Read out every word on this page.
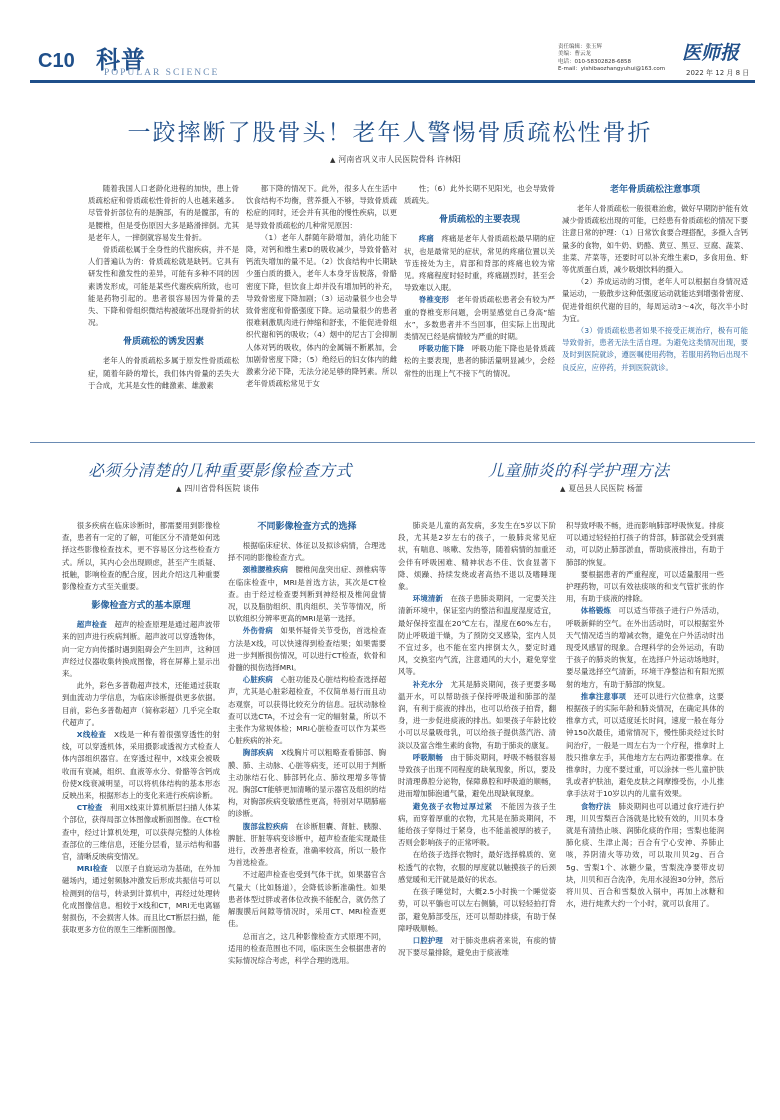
C10 科普
POPULAR SCIENCE
责任编辑：张玉辉
美编：曹云龙
电话：010-58302828-6858
E-mail：yishibaozhangyuhui@163.com
医师报
2022 年 12 月 8 日
一跤摔断了股骨头！老年人警惕骨质疏松性骨折
▲ 河南省巩义市人民医院骨科 许林阳

随着我国人口老龄化进程的加快，患上骨质疏松症和骨质疏松性骨折的人也越来越多。尽管骨折部位有的是腕部，有的是髋部，有的是腰椎，但是受伤原因大多是路滑摔倒。尤其是老年人，一摔倒就容易发生骨折。

骨质疏松属于全身性的代谢疾病，并不是人们普遍认为的：骨质疏松就是缺钙。它具有研发性和激发性的差异，可能有多种不同的因素诱发形成，可能是某些代谢疾病所致，也可能是药物引起的。患者很容易因为骨量的丢失、下降和骨组织微结构被破坏出现骨折的状况。

骨质疏松的诱发因素

老年人的骨质疏松多属于原发性骨质疏松症，随着年龄的增长，我们体内骨量的丢失大于合成，尤其是女性的雌激素、雄激素

都下降的情况下。此外，很多人在生活中饮食结构不均衡，营养摄入不够，导致骨质疏松症的同时，还会并有其他的慢性疾病，以更是导致骨质疏松的几种常见原因：

（1）老年人群随年龄增加，消化功能下降，对钙和维生素D的吸收减少，导致骨骼对钙流失增加的量不足。（2）饮食结构中长期缺少蛋白质的摄入，老年人本身牙齿脱落，骨骼密度下降，但饮食上却并没有增加钙的补充，导致骨密度下降加剧；（3）运动量很少也会导致骨密度和骨骼强度下降。运动量很少的患者很难刺激肌肉进行伸缩和舒张，不能促进骨组织代谢和钙的吸收；（4）烟中的尼古丁会抑制人体对钙的吸收，体内的金属镉不断累加，会加剧骨密度下降；（5）绝经后的妇女体内的雌激素分泌下降，无法分泌足够的降钙素。所以老年骨质疏松常见于女

性；（6）此外长期不见阳光，也会导致骨质疏失。

骨质疏松的主要表现

疼痛　 疼痛是老年人骨质疏松最早期的症状，也是最常见的症状，常见的疼痛位置以关节连接处为主，肩部和背部的疼痛也较为常见。疼痛程度时轻时重，疼痛剧烈时，甚至会导致难以入眠。

脊椎变形　 老年骨质疏松患者会有较为严重的脊椎变形问题，会明显感觉自己身高“缩水”，多数患者并不当回事，但实际上出现此类情况已经是病情较为严重的时期。

呼吸功能下降　 呼吸功能下降也是骨质疏松的主要表现，患者的肺活量明显减少，会经常性的出现上气不接下气的情况。

老年骨质疏松注意事项

老年人骨质疏松一般很难治愈，做好早期防护能有效减少骨质疏松出现的可能，已经患有骨质疏松的情况下要注意日常的护理：（1）日常饮食要合理搭配，多摄入含钙量多的食物，如牛奶、奶酪、黄豆、黑豆、豆腐、蔬菜、韭菜、芹菜等，还要时可以补充维生素D，多食用鱼、虾等优质蛋白质，减少吸烟饮料的摄入。

（2）养成运动的习惯，老年人可以根据自身情况适量运动，一般散步这种低强度运动就能达到增强骨密度、促进骨组织代谢的目的，每周运动3～4次，每次半小时为宜。

（3）骨质疏松患者如果不接受正规治疗，极有可能导致骨折，患者无法生活自理。为避免这类情况出现，要及时到医院就诊，遵医嘱使用药物，若服用药物后出现不良反应，应停药，并到医院就诊。

必须分清楚的几种重要影像检查方式
▲ 四川省骨科医院 谈伟
儿童肺炎的科学护理方法
▲ 夏邑县人民医院 杨蕾

很多疾病在临床诊断时，都需要用到影像检查，患者有一定的了解，可能区分不清楚如何选择这些影像检查技术，更不容易区分这些检查方式。所以，其内心会出现顾虑，甚至产生质疑、抵触，影响检查的配合度，因此介绍这几种重要影像检查方式至关重要。

影像检查方式的基本原理

超声检查　 超声的检查原理是通过超声波带来的回声进行疾病判断。超声波可以穿透物体，向一定方向传播时遇到阻碍会产生回声，这种回声经过仪器收集转换成图像，将在屏幕上显示出来。

此外，彩色多普勒超声技术，还能通过获取到血流动力学信息，为临床诊断提供更多依据。目前，彩色多普勒超声（简称彩超）几乎完全取代超声了。

X线检查　 X线是一种有着很强穿透性的射线，可以穿透机体，采用摄影或透视方式检查人体内部组织器官。在穿透过程中，X线束会被吸收而有衰减，组织、血液等水分、骨骼等含钙成份使X线衰减明显，可以将机体结构的基本形态反映出来，根据形态上的变化来进行疾病诊断。

CT检查　 利用X线束计算机断层扫描人体某个部位，获得局部立体图像或断面图像。在CT检查中，经过计算机处理，可以获得完整的人体检查部位的三维信息，还能分层看，显示结构和器官，清晰反映病变情况。

MRI检查　 以原子自旋运动为基础，在外加磁场内，通过射频脉冲激发后形成共振信号可以检测到的信号，转录到计算机中，再经过处理转化成图像信息。相较于X线和CT，MRI无电离辐射损伤，不会损害人体。而且比CT断层扫描，能获取更多方位的原生三维断面图像。

不同影像检查方式的选择

根据临床症状、体征以及拟诊病情，合理选择不同的影像检查方式。

颈椎腰椎疾病　 腰椎间盘突出症、颈椎病等在临床检查中，MRI是首选方法，其次是CT检查。由于经过检查要判断到神经根及椎间盘情况，以及脂肪组织、肌肉组织、关节等情况，所以软组织分辨率更高的MRI是第一选择。

外伤骨病　 如果怀疑骨关节受伤，首选检查方法是X线，可以快速得到检查结果；如果需要进一步判断损伤情况，可以进行CT检查，软骨和骨髓的损伤选择MRI。

心脏疾病　 心脏功能及心脏结构检查选择超声，尤其是心脏彩超检查，不仅简单易行而且动态观察，可以获得比较充分的信息。冠状动脉检查可以选CTA，不过会有一定的辐射量，所以不主张作为常规体检；MRI心脏检查可以作为某些心脏疾病的补充。

胸部疾病　 X线胸片可以粗略查看肺部、胸膜、肺、主动脉、心脏等病变，还可以用于判断主动脉结石化、肺部钙化点、肺纹理增多等情况。胸部CT能够更加清晰的显示器官及组织的结构，对胸部疾病变敏感性更高，特别对早期肺癌的诊断。

腹部盆腔疾病　 在诊断胆囊、肾脏、胰腺、脾脏、肝脏等病变诊断中，超声检查能实现最佳进行，改善患者检查，准确率较高，所以一般作为首选检查。

不过超声检查也受到气体干扰，如果器官含气量大（比如肠道），会降低诊断准确性。如果患者体型过胖或者体位改换不能配合，就仍然了解腹膜后间隙等情况时，采用CT、MRI检查更佳。

总而言之，这几种影像检查方式原理不同，适用的检查范围也不同，临床医生会根据患者的实际情况综合考虑，科学合理的选用。

肺炎是儿童的高发病，多发生在5岁以下阶段，尤其是2岁左右的孩子，一般肺炎常见症状，有喘息、咳嗽、发热等，随着病情的加重还会伴有呼吸困难、精神状态不佳、饮食显著下降、烦躁、持续发烧或者高热不退以及嗜睡现象。

环境清新　 在孩子患肺炎期间，一定要关注清新环境中，保证室内的整洁和温度湿度适宜，最好保持室温在20℃左右，湿度在60%左右，防止呼吸道干燥，为了预防交叉感染，室内人员不宜过多，也不能在室内摔倒太久，要定时通风，交换室内气流，注意通风的大小，避免穿堂风等。

补充水分　 尤其是肺炎期间，孩子更要多喝温开水，可以帮助孩子保持呼吸道和肺部的湿润，有利于痰液的排出，也可以给孩子拍背，翻身，进一步促进痰液的排出。如果孩子年龄比较小可以尽量吸母乳，可以给孩子提供蒸汽浴、清淡以及富含维生素的食物，有助于肺炎的康复。

呼吸顺畅　 由于肺炎期间，呼吸不畅很容易导致孩子出现不同程度的缺氧现象，所以，要及时清理鼻腔分泌物，保障鼻腔和呼吸道的顺畅，进而增加肺泡通气量，避免出现缺氧现象。

避免孩子衣物过厚过紧　 不能因为孩子生病，而穿着厚重的衣物，尤其是在肺炎期间，不能给孩子穿得过于紧身，也不能盖被厚的被子，否则会影响孩子的正常呼吸。

在给孩子选择衣物时，最好选择棉质的、宽松透气的衣物，衣服的厚度就以触摸孩子的后颈感觉暖和无汗就是最好的状态。

在孩子睡觉时，大概2.5小时换一个睡觉姿势，可以平躺也可以左右侧躺，可以轻轻拍打背部，避免肺部受压，还可以帮助排痰，有助于保障呼吸顺畅。

口腔护理　 对于肺炎患病者来说，有痰的情况下要尽量排除，避免由于痰液堆

积导致呼吸不畅，进而影响肺部呼吸恢复。排痰可以通过轻轻拍打孩子的背部，肺部就会受到震动，可以防止肺部淤血，帮助痰液排出，有助于肺部的恢复。

要根据患者的严重程度，可以适量服用一些护理药物，可以有效祛痰咳的和支气管扩张的作用，有助于痰液的排除。

体格锻炼　 可以适当带孩子进行户外活动，呼吸新鲜的空气。在外出活动时，可以根据室外天气情况适当的增减衣物，避免在户外活动时出现受风感冒的现象。合理科学的会外运动，有助于孩子的肺炎的恢复，在选择户外运动场地时，要尽量选择空气清新，环境干净整洁和有阳光照射的地方，有助于肺部的恢复。

推拿注意事项　 还可以进行穴位推拿，这要根据孩子的实际年龄和肺炎情况，在确定具体的推拿方式，可以适度延长时间，速度一般在每分钟150次最佳，通常情况下，慢性肺炎经过长时间治疗，一般是一周左右为一个疗程，推拿时上肢只推拿左手，其他地方左右两边都要推拿。在推拿时，力度不要过重，可以涂抹一些儿童护肤乳或者护肤油，避免皮肤之间摩擦受伤，小儿推拿手法对于10岁以内的儿童有效果。

食物疗法　 肺炎期间也可以通过食疗进行护理，川贝雪梨百合汤就是比较有效的，川贝本身就是有清热止咳、润肺化痰的作用；雪梨也能润肺化痰、生津止渴；百合有宁心安神、养肺止咳，养阴清火等功效，可以取川贝2g、百合5g、雪梨1个、冰糖少量，雪梨洗净要带皮切块，川贝和百合洗净，先用水浸泡30分钟，然后将川贝、百合和雪梨放入锅中，再加上冰糖和水，进行炖煮大约一个小时，就可以食用了。
